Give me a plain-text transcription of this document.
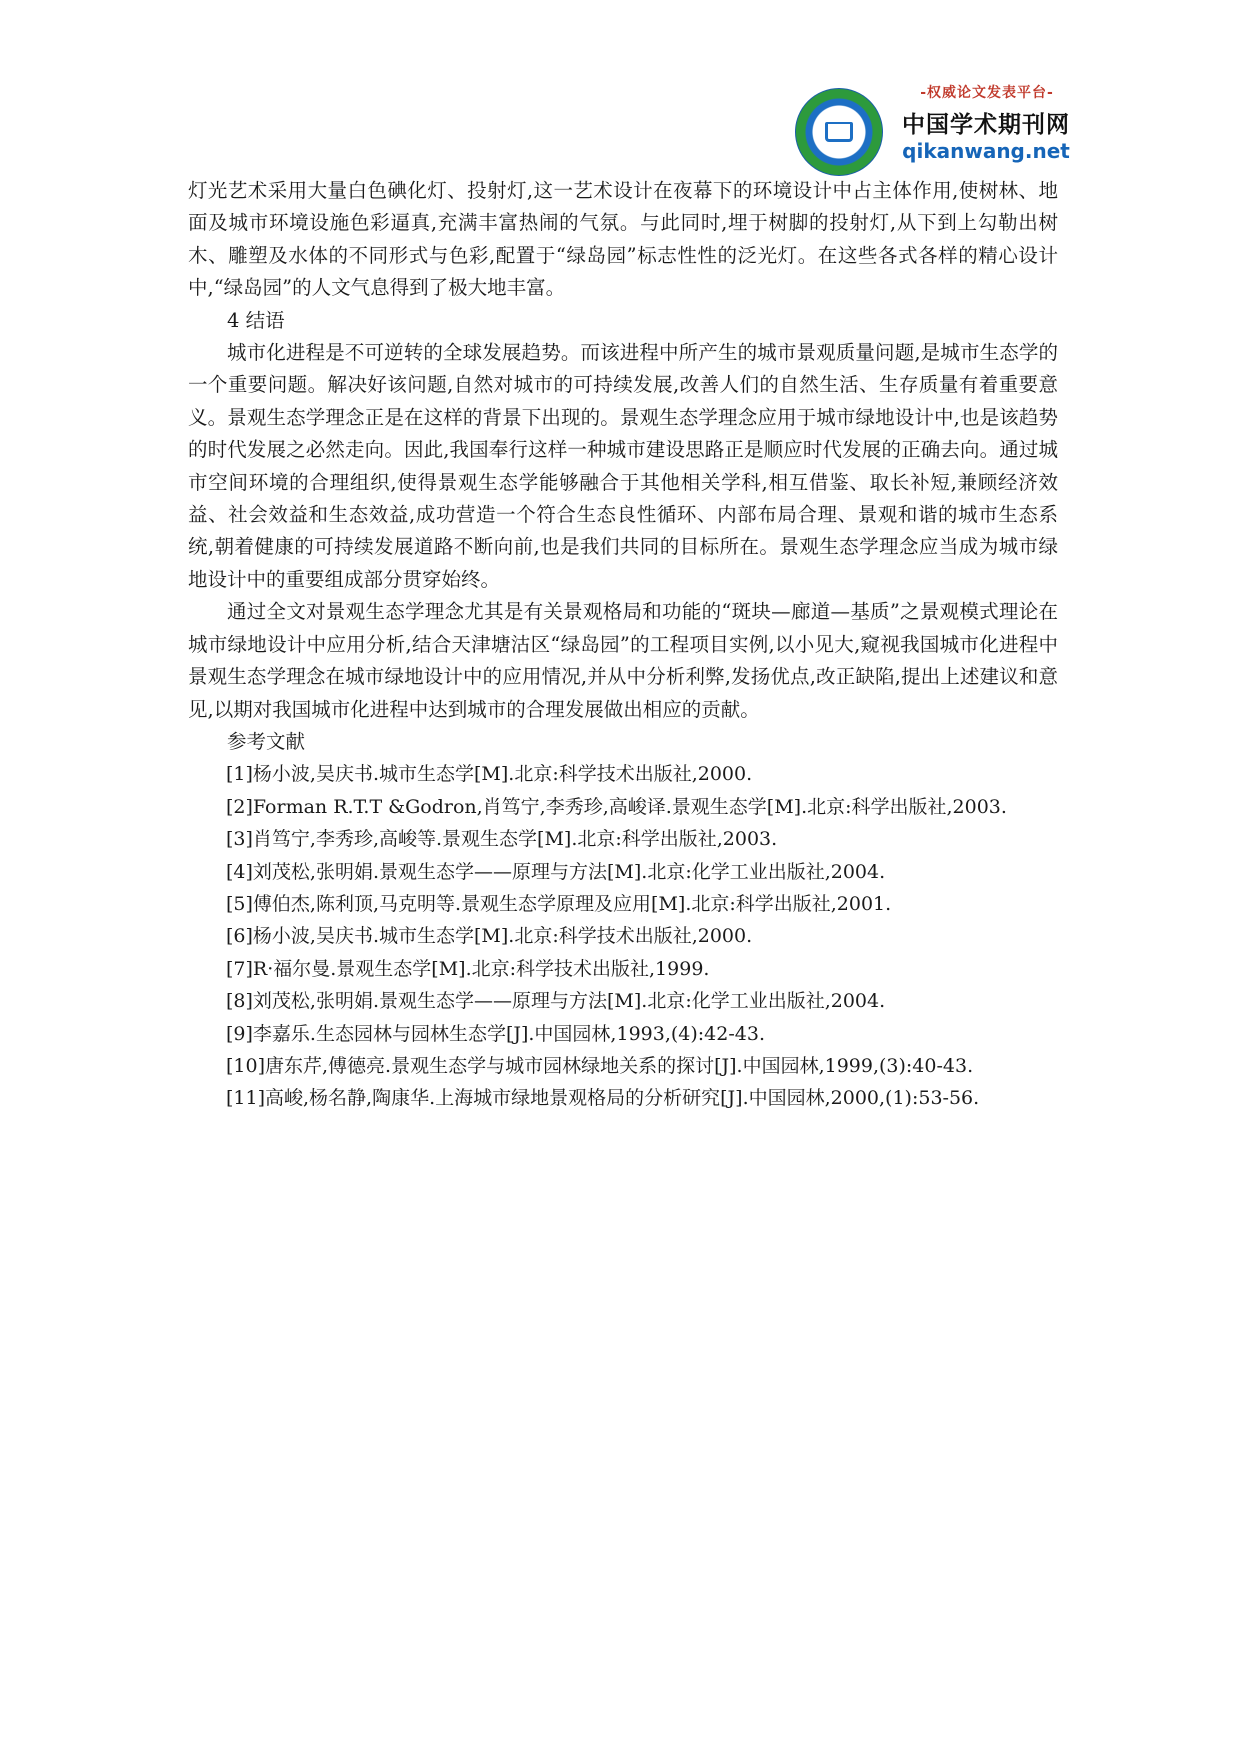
-权威论文发表平台-
中国学术期刊网
qikanwang.net

灯光艺术采用大量白色碘化灯、投射灯,这一艺术设计在夜幕下的环境设计中占主体作用,使树林、地面及城市环境设施色彩逼真,充满丰富热闹的气氛。与此同时,埋于树脚的投射灯,从下到上勾勒出树木、雕塑及水体的不同形式与色彩,配置于“绿岛园”标志性性的泛光灯。在这些各式各样的精心设计中,“绿岛园”的人文气息得到了极大地丰富。

4 结语

城市化进程是不可逆转的全球发展趋势。而该进程中所产生的城市景观质量问题,是城市生态学的一个重要问题。解决好该问题,自然对城市的可持续发展,改善人们的自然生活、生存质量有着重要意义。景观生态学理念正是在这样的背景下出现的。景观生态学理念应用于城市绿地设计中,也是该趋势的时代发展之必然走向。因此,我国奉行这样一种城市建设思路正是顺应时代发展的正确去向。通过城市空间环境的合理组织,使得景观生态学能够融合于其他相关学科,相互借鉴、取长补短,兼顾经济效益、社会效益和生态效益,成功营造一个符合生态良性循环、内部布局合理、景观和谐的城市生态系统,朝着健康的可持续发展道路不断向前,也是我们共同的目标所在。景观生态学理念应当成为城市绿地设计中的重要组成部分贯穿始终。

通过全文对景观生态学理念尤其是有关景观格局和功能的“斑块—廊道—基质”之景观模式理论在城市绿地设计中应用分析,结合天津塘沽区“绿岛园”的工程项目实例,以小见大,窥视我国城市化进程中景观生态学理念在城市绿地设计中的应用情况,并从中分析利弊,发扬优点,改正缺陷,提出上述建议和意见,以期对我国城市化进程中达到城市的合理发展做出相应的贡献。

参考文献

[1]杨小波,吴庆书.城市生态学[M].北京:科学技术出版社,2000.

[2]Forman R.T.T &Godron,肖笃宁,李秀珍,高峻译.景观生态学[M].北京:科学出版社,2003.

[3]肖笃宁,李秀珍,高峻等.景观生态学[M].北京:科学出版社,2003.

[4]刘茂松,张明娟.景观生态学——原理与方法[M].北京:化学工业出版社,2004.

[5]傅伯杰,陈利顶,马克明等.景观生态学原理及应用[M].北京:科学出版社,2001.

[6]杨小波,吴庆书.城市生态学[M].北京:科学技术出版社,2000.

[7]R·福尔曼.景观生态学[M].北京:科学技术出版社,1999.

[8]刘茂松,张明娟.景观生态学——原理与方法[M].北京:化学工业出版社,2004.

[9]李嘉乐.生态园林与园林生态学[J].中国园林,1993,(4):42-43.

[10]唐东芹,傅德亮.景观生态学与城市园林绿地关系的探讨[J].中国园林,1999,(3):40-43.

[11]高峻,杨名静,陶康华.上海城市绿地景观格局的分析研究[J].中国园林,2000,(1):53-56.
